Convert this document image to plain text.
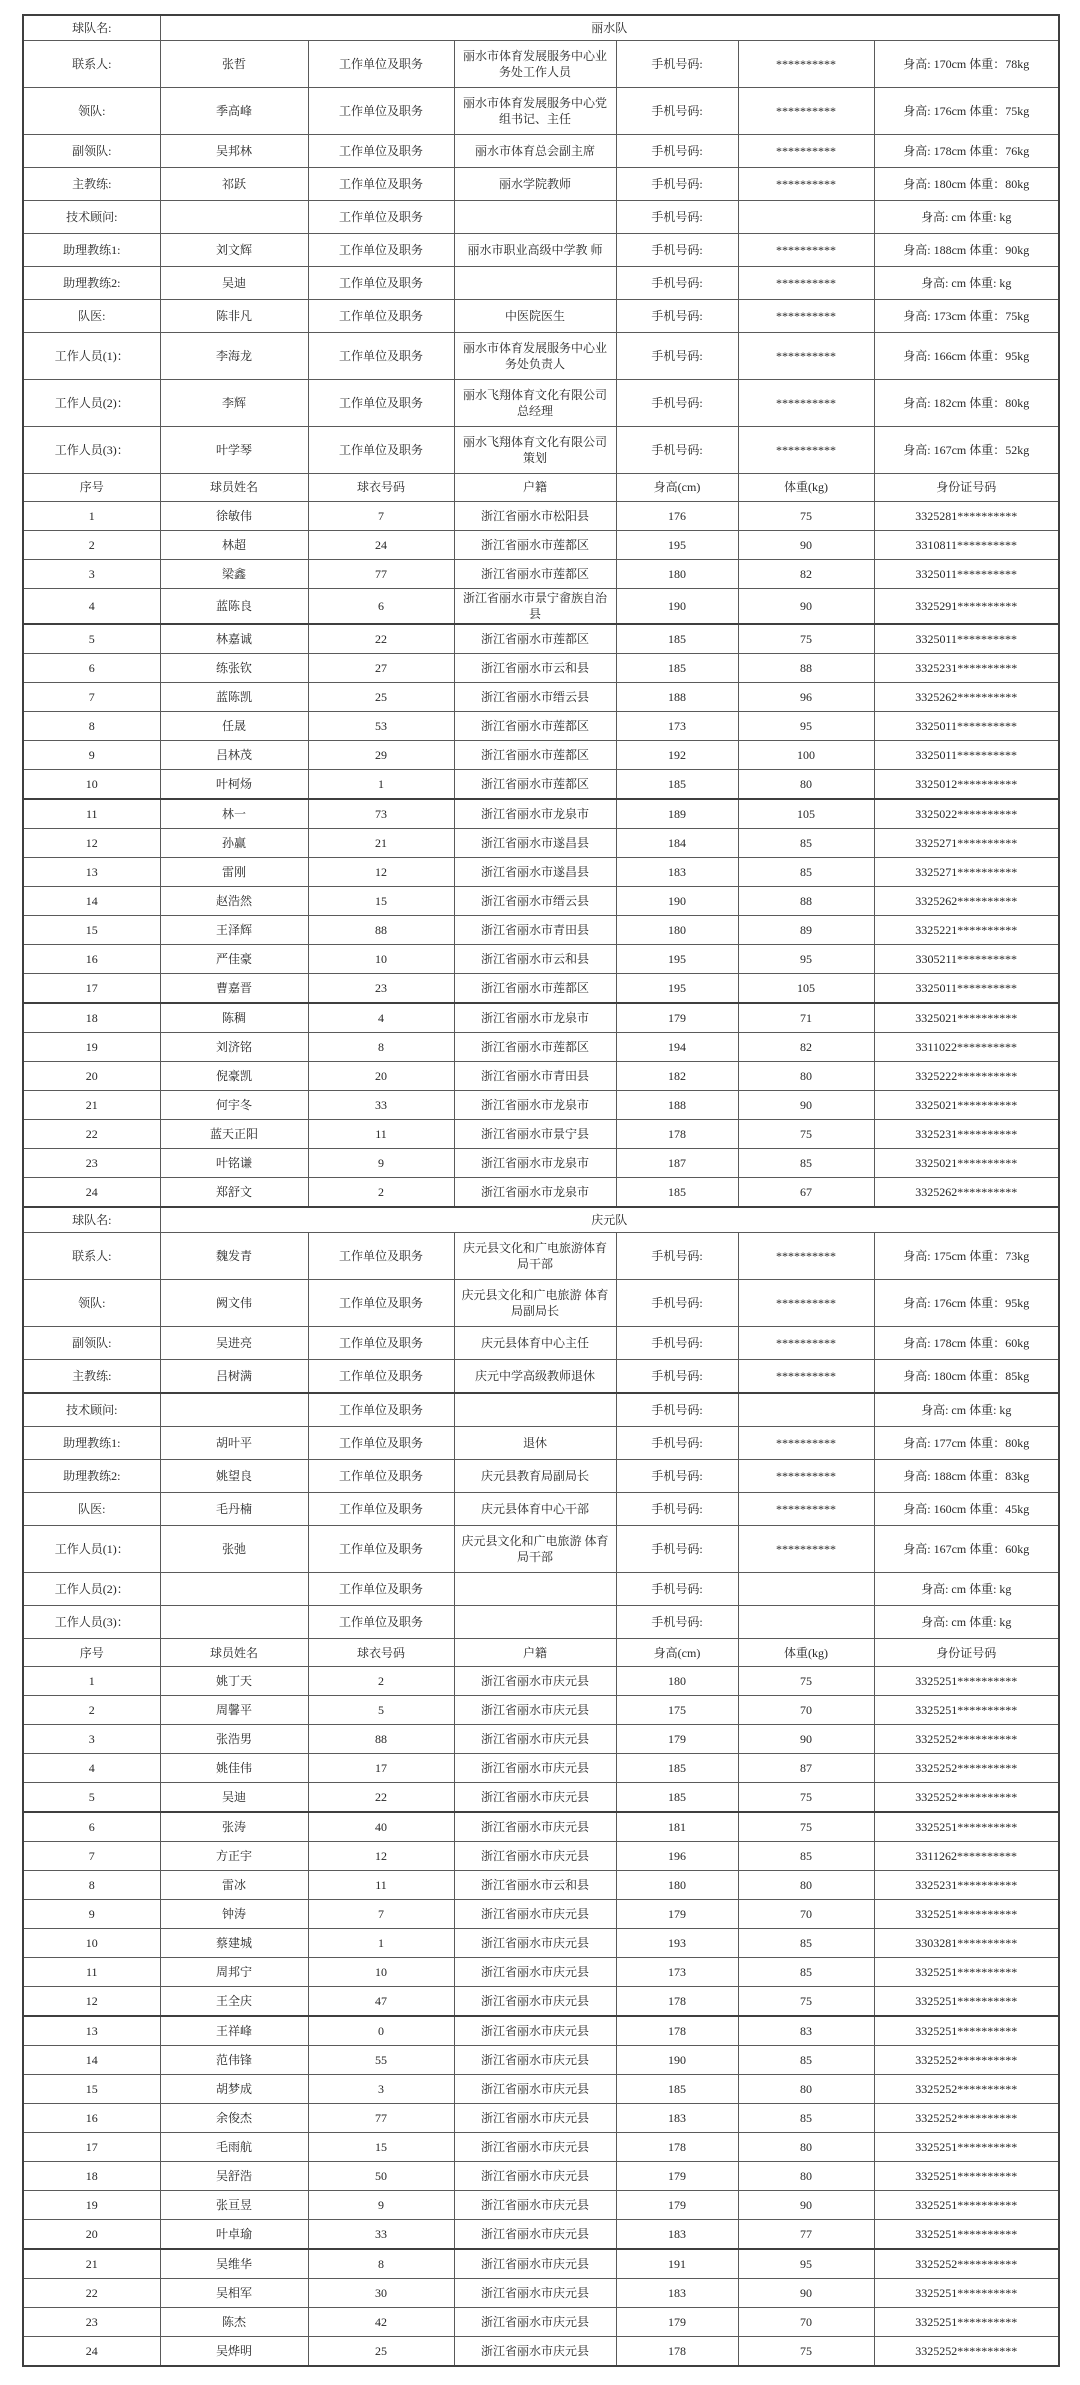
球队名:	丽水队					
联系人:	张哲	工作单位及职务	丽水市体育发展服务中心业务处工作人员	手机号码:	**********	身高: 170cm 体重：78kg
领队:	季高峰	工作单位及职务	丽水市体育发展服务中心党组书记、主任	手机号码:	**********	身高: 176cm 体重：75kg
副领队:	吴邦林	工作单位及职务	丽水市体育总会副主席	手机号码:	**********	身高: 178cm 体重：76kg
主教练:	祁跃	工作单位及职务	丽水学院教师	手机号码:	**********	身高: 180cm 体重：80kg
技术顾问:		工作单位及职务		手机号码:		身高: cm 体重: kg
助理教练1:	刘文辉	工作单位及职务	丽水市职业高级中学教 师	手机号码:	**********	身高: 188cm 体重：90kg
助理教练2:	吴迪	工作单位及职务		手机号码:	**********	身高: cm 体重: kg
队医:	陈非凡	工作单位及职务	中医院医生	手机号码:	**********	身高: 173cm 体重：75kg
工作人员(1)：	李海龙	工作单位及职务	丽水市体育发展服务中心业务处负责人	手机号码:	**********	身高: 166cm 体重：95kg
工作人员(2)：	李辉	工作单位及职务	丽水飞翔体育文化有限公司总经理	手机号码:	**********	身高: 182cm 体重：80kg
工作人员(3)：	叶学琴	工作单位及职务	丽水飞翔体育文化有限公司策划	手机号码:	**********	身高: 167cm 体重：52kg
序号	球员姓名	球衣号码	户籍	身高(cm)	体重(kg)	身份证号码
1	徐敏伟	7	浙江省丽水市松阳县	176	75	3325281**********
2	林超	24	浙江省丽水市莲都区	195	90	3310811**********
3	梁鑫	77	浙江省丽水市莲都区	180	82	3325011**********
4	蓝陈良	6	浙江省丽水市景宁畲族自治县	190	90	3325291**********
5	林嘉诚	22	浙江省丽水市莲都区	185	75	3325011**********
6	练张钦	27	浙江省丽水市云和县	185	88	3325231**********
7	蓝陈凯	25	浙江省丽水市缙云县	188	96	3325262**********
8	任晟	53	浙江省丽水市莲都区	173	95	3325011**********
9	吕林茂	29	浙江省丽水市莲都区	192	100	3325011**********
10	叶柯炀	1	浙江省丽水市莲都区	185	80	3325012**********
11	林一	73	浙江省丽水市龙泉市	189	105	3325022**********
12	孙赢	21	浙江省丽水市遂昌县	184	85	3325271**********
13	雷刚	12	浙江省丽水市遂昌县	183	85	3325271**********
14	赵浩然	15	浙江省丽水市缙云县	190	88	3325262**********
15	王泽辉	88	浙江省丽水市青田县	180	89	3325221**********
16	严佳豪	10	浙江省丽水市云和县	195	95	3305211**********
17	曹嘉晋	23	浙江省丽水市莲都区	195	105	3325011**********
18	陈稠	4	浙江省丽水市龙泉市	179	71	3325021**********
19	刘济铭	8	浙江省丽水市莲都区	194	82	3311022**********
20	倪豪凯	20	浙江省丽水市青田县	182	80	3325222**********
21	何宇冬	33	浙江省丽水市龙泉市	188	90	3325021**********
22	蓝天正阳	11	浙江省丽水市景宁县	178	75	3325231**********
23	叶铭谦	9	浙江省丽水市龙泉市	187	85	3325021**********
24	郑舒文	2	浙江省丽水市龙泉市	185	67	3325262**********
球队名:	庆元队					
联系人:	魏发青	工作单位及职务	庆元县文化和广电旅游体育局干部	手机号码:	**********	身高: 175cm 体重：73kg
领队:	阙文伟	工作单位及职务	庆元县文化和广电旅游 体育局副局长	手机号码:	**********	身高: 176cm 体重：95kg
副领队:	吴进亮	工作单位及职务	庆元县体育中心主任	手机号码:	**********	身高: 178cm 体重：60kg
主教练:	吕树满	工作单位及职务	庆元中学高级教师退休	手机号码:	**********	身高: 180cm 体重：85kg
技术顾问:		工作单位及职务		手机号码:		身高: cm 体重: kg
助理教练1:	胡叶平	工作单位及职务	退休	手机号码:	**********	身高: 177cm 体重：80kg
助理教练2:	姚望良	工作单位及职务	庆元县教育局副局长	手机号码:	**********	身高: 188cm 体重：83kg
队医:	毛丹楠	工作单位及职务	庆元县体育中心干部	手机号码:	**********	身高: 160cm 体重：45kg
工作人员(1)：	张弛	工作单位及职务	庆元县文化和广电旅游 体育局干部	手机号码:	**********	身高: 167cm 体重：60kg
工作人员(2)：		工作单位及职务		手机号码:		身高: cm 体重: kg
工作人员(3)：		工作单位及职务		手机号码:		身高: cm 体重: kg
序号	球员姓名	球衣号码	户籍	身高(cm)	体重(kg)	身份证号码
1	姚丁天	2	浙江省丽水市庆元县	180	75	3325251**********
2	周馨平	5	浙江省丽水市庆元县	175	70	3325251**********
3	张浩男	88	浙江省丽水市庆元县	179	90	3325252**********
4	姚佳伟	17	浙江省丽水市庆元县	185	87	3325252**********
5	吴迪	22	浙江省丽水市庆元县	185	75	3325252**********
6	张涛	40	浙江省丽水市庆元县	181	75	3325251**********
7	方正宇	12	浙江省丽水市庆元县	196	85	3311262**********
8	雷冰	11	浙江省丽水市云和县	180	80	3325231**********
9	钟涛	7	浙江省丽水市庆元县	179	70	3325251**********
10	蔡建城	1	浙江省丽水市庆元县	193	85	3303281**********
11	周邦宁	10	浙江省丽水市庆元县	173	85	3325251**********
12	王全庆	47	浙江省丽水市庆元县	178	75	3325251**********
13	王祥峰	0	浙江省丽水市庆元县	178	83	3325251**********
14	范伟锋	55	浙江省丽水市庆元县	190	85	3325252**********
15	胡梦成	3	浙江省丽水市庆元县	185	80	3325252**********
16	余俊杰	77	浙江省丽水市庆元县	183	85	3325252**********
17	毛雨航	15	浙江省丽水市庆元县	178	80	3325251**********
18	吴舒浩	50	浙江省丽水市庆元县	179	80	3325251**********
19	张亘昱	9	浙江省丽水市庆元县	179	90	3325251**********
20	叶卓瑜	33	浙江省丽水市庆元县	183	77	3325251**********
21	吴维华	8	浙江省丽水市庆元县	191	95	3325252**********
22	吴相军	30	浙江省丽水市庆元县	183	90	3325251**********
23	陈杰	42	浙江省丽水市庆元县	179	70	3325251**********
24	吴烨明	25	浙江省丽水市庆元县	178	75	3325252**********
